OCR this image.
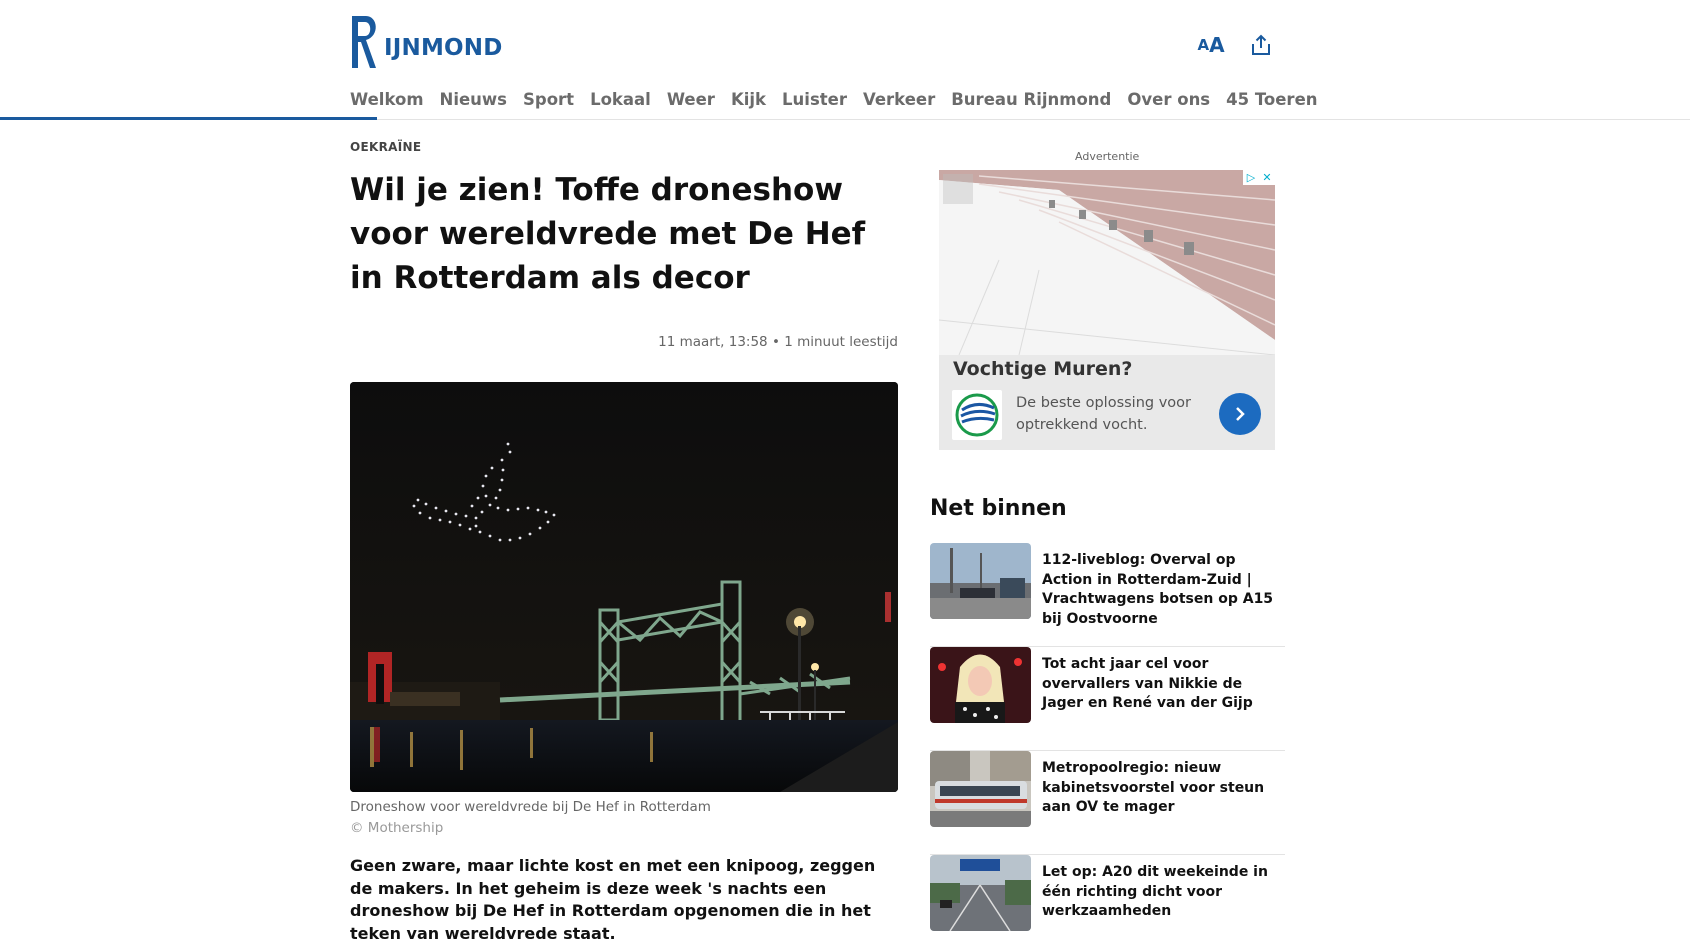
IJNMOND	A A
Welkom Nieuws Sport Lokaal Weer Kijk Luister Verkeer Bureau Rijnmond Over ons 45 Toeren
OEKRAÏNE
Wil je zien! Toffe droneshow voor wereldvrede met De Hef in Rotterdam als decor
11 maart, 13:58 • 1 minuut leestijd
Droneshow voor wereldvrede bij De Hef in Rotterdam
© Mothership

Geen zware, maar lichte kost en met een knipoog, zeggen de makers. In het geheim is deze week 's nachts een droneshow bij De Hef in Rotterdam opgenomen die in het teken van wereldvrede staat.

Advertentie
▷ ✕
Vochtige Muren?
De beste oplossing voor optrekkend vocht.
Net binnen
112-liveblog: Overval op Action in Rotterdam-Zuid | Vrachtwagens botsen op A15 bij Oostvoorne
Tot acht jaar cel voor overvallers van Nikkie de Jager en René van der Gijp
Metropoolregio: nieuw kabinetsvoorstel voor steun aan OV te mager
Let op: A20 dit weekeinde in één richting dicht voor werkzaamheden
